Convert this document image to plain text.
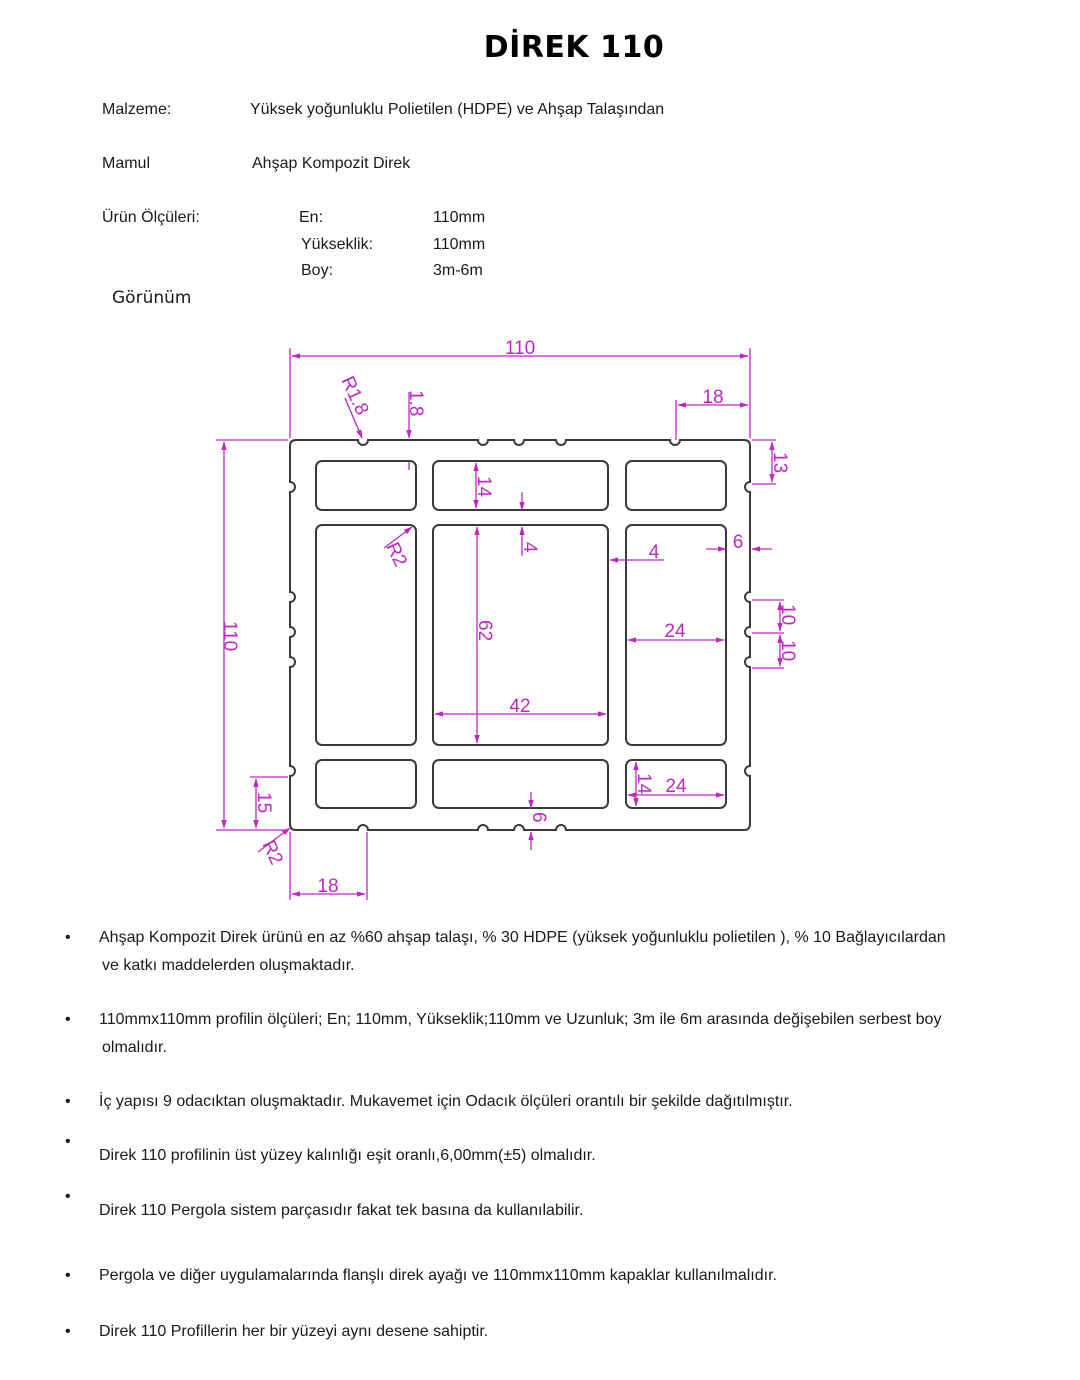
DİREK 110
Malzeme:	Yüksek yoğunluklu Polietilen (HDPE) ve Ahşap Talaşından
Mamul	Ahşap Kompozit Direk
Ürün Ölçüleri:	En:	110mm
Yükseklik:	110mm
Boy:	3m-6m
Görünüm
110
110
R1.8 1.8	18
13
14
4
R2	4	6
62
42
24
10
10
15
R2
18
6
14 24
•	Ahşap Kompozit Direk ürünü en az %60 ahşap talaşı, % 30 HDPE (yüksek yoğunluklu polietilen ), % 10 Bağlayıcılardan
ve katkı maddelerden oluşmaktadır.
•	110mmx110mm profilin ölçüleri; En; 110mm, Yükseklik;110mm ve Uzunluk; 3m ile 6m arasında değişebilen serbest boy
olmalıdır.
•	İç yapısı 9 odacıktan oluşmaktadır. Mukavemet için Odacık ölçüleri orantılı bir şekilde dağıtılmıştır.
•
Direk 110 profilinin üst yüzey kalınlığı eşit oranlı,6,00mm(±5) olmalıdır.
•
Direk 110 Pergola sistem parçasıdır fakat tek basına da kullanılabilir.
•	Pergola ve diğer uygulamalarında flanşlı direk ayağı ve 110mmx110mm kapaklar kullanılmalıdır.
•	Direk 110 Profillerin her bir yüzeyi aynı desene sahiptir.
